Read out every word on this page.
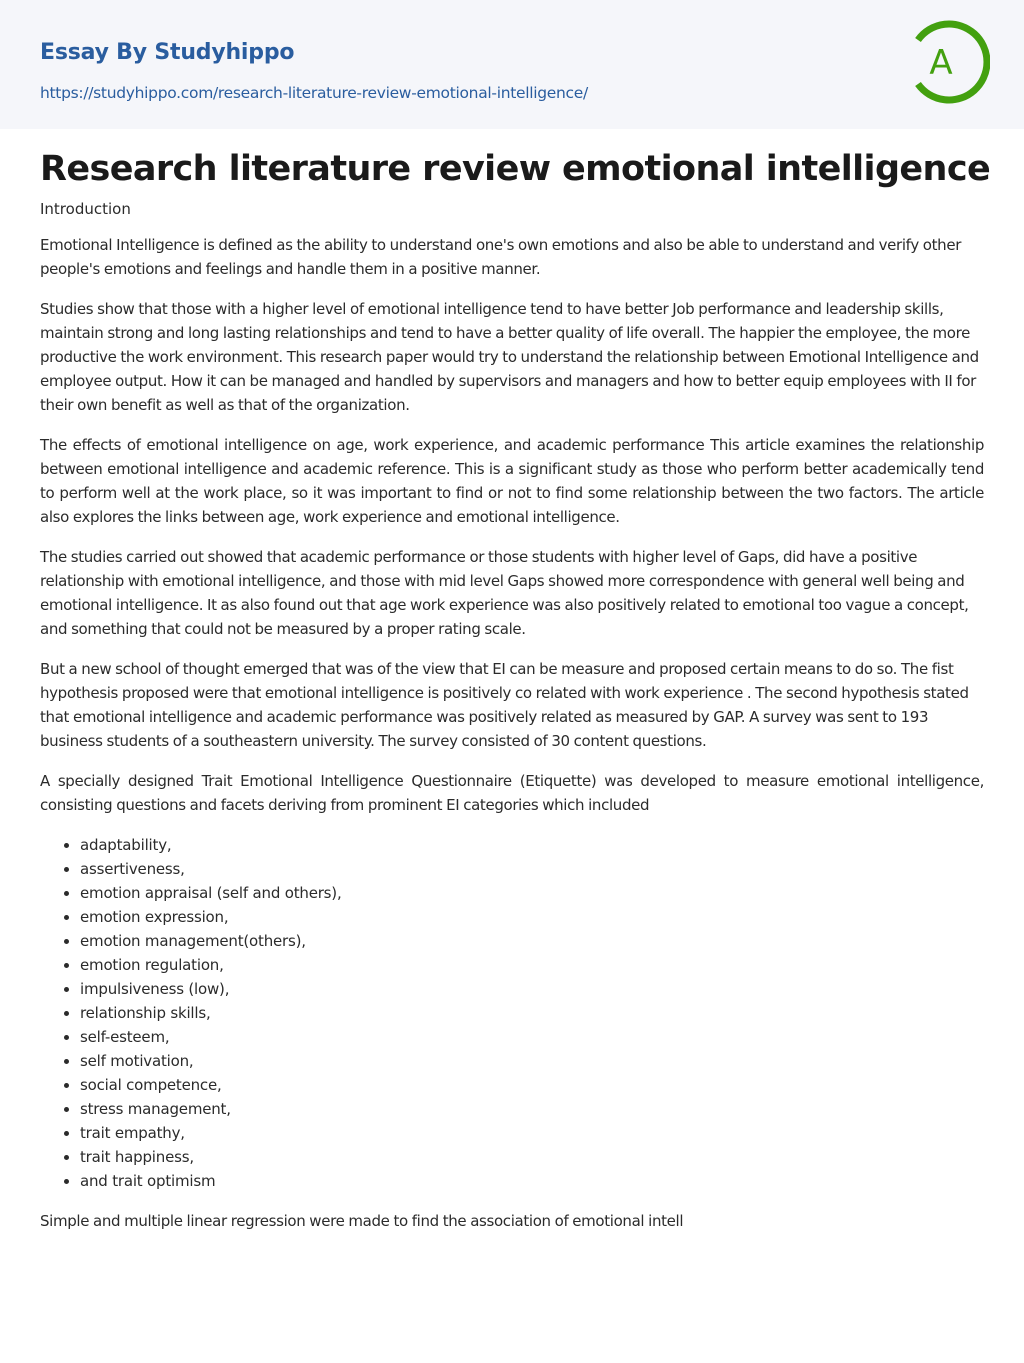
Essay By Studyhippo
https://studyhippo.com/research-literature-review-emotional-intelligence/
A
Research literature review emotional intelligence
Introduction

Emotional Intelligence is defined as the ability to understand one's own emotions and also be able to understand and verify other people's emotions and feelings and handle them in a positive manner.

Studies show that those with a higher level of emotional intelligence tend to have better Job performance and leadership skills, maintain strong and long lasting relationships and tend to have a better quality of life overall. The happier the employee, the more productive the work environment. This research paper would try to understand the relationship between Emotional Intelligence and employee output. How it can be managed and handled by supervisors and managers and how to better equip employees with II for their own benefit as well as that of the organization.

The effects of emotional intelligence on age, work experience, and academic performance This article examines the relationship between emotional intelligence and academic reference. This is a significant study as those who perform better academically tend to perform well at the work place, so it was important to find or not to find some relationship between the two factors. The article also explores the links between age, work experience and emotional intelligence.

The studies carried out showed that academic performance or those students with higher level of Gaps, did have a positive relationship with emotional intelligence, and those with mid level Gaps showed more correspondence with general well being and emotional intelligence. It as also found out that age work experience was also positively related to emotional too vague a concept, and something that could not be measured by a proper rating scale.

But a new school of thought emerged that was of the view that EI can be measure and proposed certain means to do so. The fist hypothesis proposed were that emotional intelligence is positively co related with work experience . The second hypothesis stated that emotional intelligence and academic performance was positively related as measured by GAP. A survey was sent to 193 business students of a southeastern university. The survey consisted of 30 content questions.

A specially designed Trait Emotional Intelligence Questionnaire (Etiquette) was developed to measure emotional intelligence, consisting questions and facets deriving from prominent EI categories which included

• adaptability,
• assertiveness,
• emotion appraisal (self and others),
• emotion expression,
• emotion management(others),
• emotion regulation,
• impulsiveness (low),
• relationship skills,
• self-esteem,
• self motivation,
• social competence,
• stress management,
• trait empathy,
• trait happiness,
• and trait optimism

Simple and multiple linear regression were made to find the association of emotional intell
